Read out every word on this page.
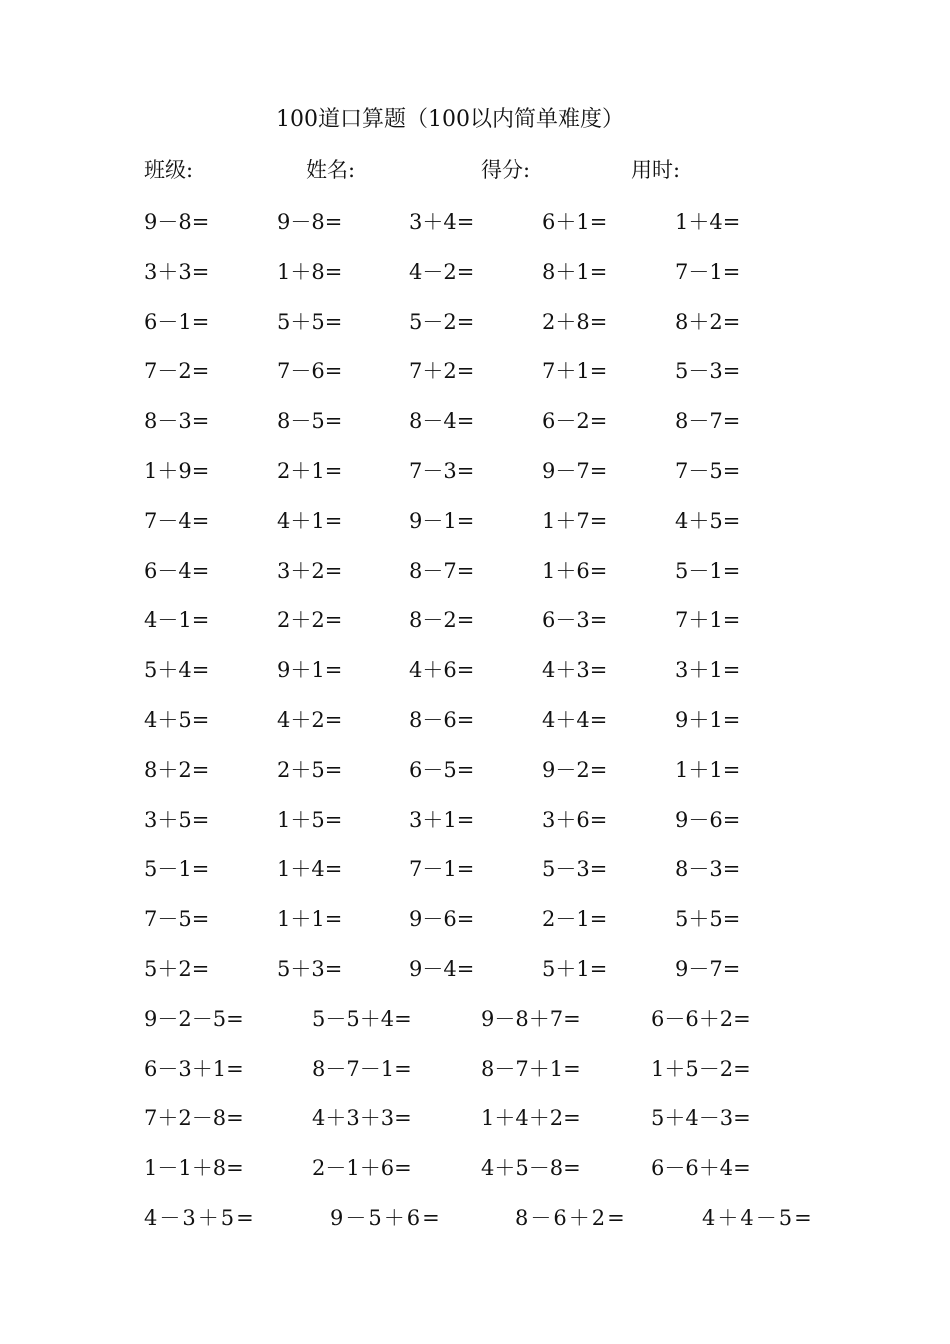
100道口算题（100以内简单难度）
班级:	姓名:	得分:	用时:
9－8=	9－8=	3＋4=	6＋1=	1＋4=
3＋3=	1＋8=	4－2=	8＋1=	7－1=
6－1=	5＋5=	5－2=	2＋8=	8＋2=
7－2=	7－6=	7＋2=	7＋1=	5－3=
8－3=	8－5=	8－4=	6－2=	8－7=
1＋9=	2＋1=	7－3=	9－7=	7－5=
7－4=	4＋1=	9－1=	1＋7=	4＋5=
6－4=	3＋2=	8－7=	1＋6=	5－1=
4－1=	2＋2=	8－2=	6－3=	7＋1=
5＋4=	9＋1=	4＋6=	4＋3=	3＋1=
4＋5=	4＋2=	8－6=	4＋4=	9＋1=
8＋2=	2＋5=	6－5=	9－2=	1＋1=
3＋5=	1＋5=	3＋1=	3＋6=	9－6=
5－1=	1＋4=	7－1=	5－3=	8－3=
7－5=	1＋1=	9－6=	2－1=	5＋5=
5＋2=	5＋3=	9－4=	5＋1=	9－7=
9－2－5=	5－5＋4=	9－8＋7=	6－6＋2=
6－3＋1=	8－7－1=	8－7＋1=	1＋5－2=
7＋2－8=	4＋3＋3=	1＋4＋2=	5＋4－3=
1－1＋8=	2－1＋6=	4＋5－8=	6－6＋4=
4－3＋5=	9－5＋6=	8－6＋2=	4＋4－5=
